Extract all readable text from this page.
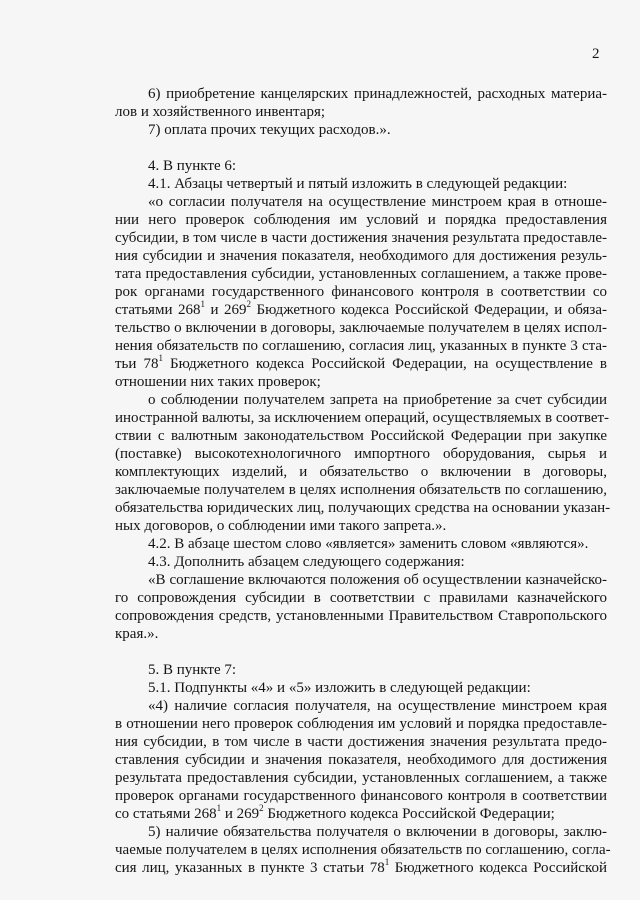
2
6) приобретение канцелярских принадлежностей, расходных материа-
лов и хозяйственного инвентаря;
7) оплата прочих текущих расходов.».
4. В пункте 6:
4.1. Абзацы четвертый и пятый изложить в следующей редакции:
«о согласии получателя на осуществление минстроем края в отноше-
нии него проверок соблюдения им условий и порядка предоставления
субсидии, в том числе в части достижения значения результата предоставле-
ния субсидии и значения показателя, необходимого для достижения резуль-
тата предоставления субсидии, установленных соглашением, а также прове-
рок органами государственного финансового контроля в соответствии со
статьями $268^1$ и $269^2$ Бюджетного кодекса Российской Федерации, и обяза-
тельство о включении в договоры, заключаемые получателем в целях испол-
нения обязательств по соглашению, согласия лиц, указанных в пункте 3 ста-
тьи $78^1$ Бюджетного кодекса Российской Федерации, на осуществление в
отношении них таких проверок;
о соблюдении получателем запрета на приобретение за счет субсидии
иностранной валюты, за исключением операций, осуществляемых в соответ-
ствии с валютным законодательством Российской Федерации при закупке
(поставке) высокотехнологичного импортного оборудования, сырья и
комплектующих изделий, и обязательство о включении в договоры,
заключаемые получателем в целях исполнения обязательств по соглашению,
обязательства юридических лиц, получающих средства на основании указан-
ных договоров, о соблюдении ими такого запрета.».
4.2. В абзаце шестом слово «является» заменить словом «являются».
4.3. Дополнить абзацем следующего содержания:
«В соглашение включаются положения об осуществлении казначейско-
го сопровождения субсидии в соответствии с правилами казначейского
сопровождения средств, установленными Правительством Ставропольского
края.».
5. В пункте 7:
5.1. Подпункты «4» и «5» изложить в следующей редакции:
«4) наличие согласия получателя, на осуществление минстроем края
в отношении него проверок соблюдения им условий и порядка предоставле-
ния субсидии, в том числе в части достижения значения результата предо-
ставления субсидии и значения показателя, необходимого для достижения
результата предоставления субсидии, установленных соглашением, а также
проверок органами государственного финансового контроля в соответствии
со статьями $268^1$ и $269^2$ Бюджетного кодекса Российской Федерации;
5) наличие обязательства получателя о включении в договоры, заклю-
чаемые получателем в целях исполнения обязательств по соглашению, согла-
сия лиц, указанных в пункте 3 статьи $78^1$ Бюджетного кодекса Российской
